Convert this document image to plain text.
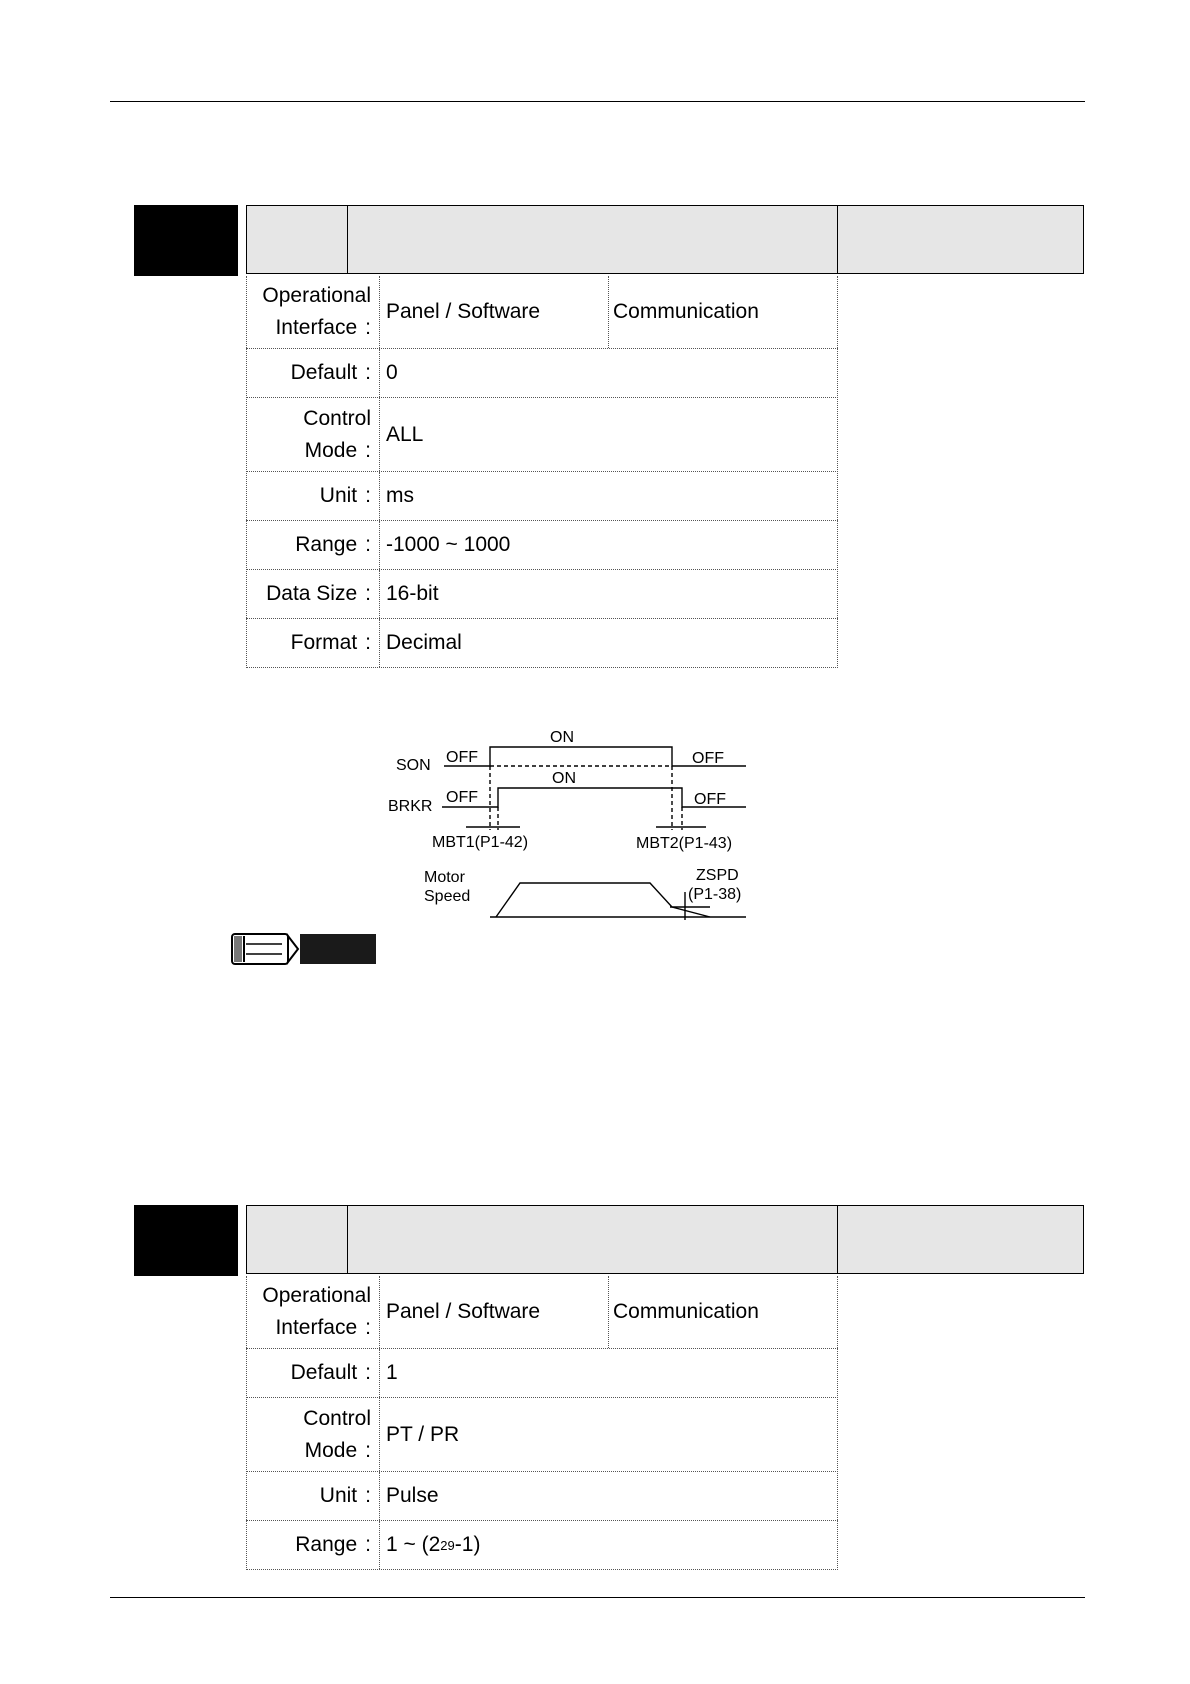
Operational
Interface :
Panel / Software	Communication
Default : 0
Control
Mode :
ALL
Unit : ms
Range : -1000 ~ 1000
Data Size : 16-bit
Format : Decimal
SON OFF
ON
OFF
BRKR
OFF
ON
OFF
MBT1(P1-42)	MBT2(P1-43)
Motor
Speed
ZSPD
(P1-38)
Operational
Interface :
Panel / Software	Communication
Default : 1
Control
Mode :
PT / PR
Unit : Pulse
Range : 1 ~ (2 29 -1)
